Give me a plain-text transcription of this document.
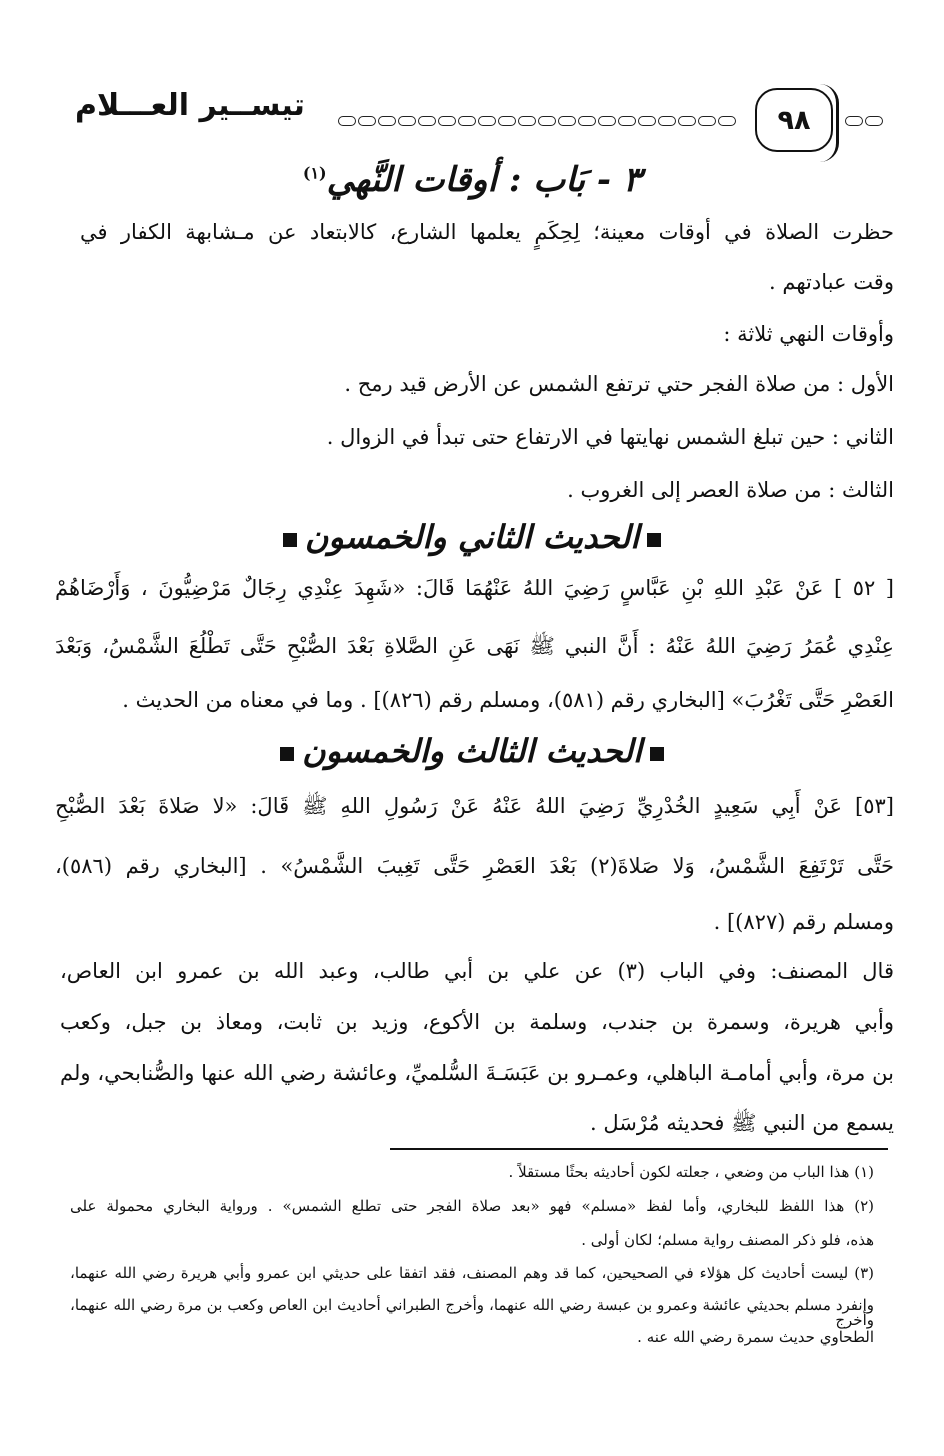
تيســير العـــلام	٩٨
٣ - بَاب : أوقات النَّهي$^{(١)}$
حظرت الصلاة في أوقات معينة؛ لِحِكَمٍ يعلمها الشارع، كالابتعاد عن مـشابهة الكفار في
وقت عبادتهم .
وأوقات النهي ثلاثة :
الأول : من صلاة الفجر حتي ترتفع الشمس عن الأرض قيد رمح .
الثاني : حين تبلغ الشمس نهايتها في الارتفاع حتى تبدأ في الزوال .
الثالث : من صلاة العصر إلى الغروب .
الحديث الثاني والخمسون
[ ٥٢ ] عَنْ عَبْدِ اللهِ بْنِ عَبَّاسٍ رَضِيَ اللهُ عَنْهُمَا قَالَ: «شَهِدَ عِنْدِي رِجَالٌ مَرْضِيُّونَ ، وَأَرْضَاهُمْ
عِنْدِي عُمَرُ رَضِيَ اللهُ عَنْهُ : أَنَّ النبي ﷺ نَهَى عَنِ الصَّلاةِ بَعْدَ الصُّبْحِ حَتَّى تَطْلُعَ الشَّمْسُ، وَبَعْدَ
العَصْرِ حَتَّى تَغْرُبَ» [البخاري رقم (٥٨١)، ومسلم رقم (٨٢٦)] . وما في معناه من الحديث .
الحديث الثالث والخمسون
[٥٣] عَنْ أَبِي سَعِيدٍ الخُدْرِيِّ رَضِيَ اللهُ عَنْهُ عَنْ رَسُولِ اللهِ ﷺ قَالَ: «لا صَلاةَ بَعْدَ الصُّبْحِ
حَتَّى تَرْتَفِعَ الشَّمْسُ، وَلا صَلاةَ(٢) بَعْدَ العَصْرِ حَتَّى تَغِيبَ الشَّمْسُ» . [البخاري رقم (٥٨٦)،
ومسلم رقم (٨٢٧)] .
قال المصنف: وفي الباب (٣) عن علي بن أبي طالب، وعبد الله بن عمرو ابن العاص،
وأبي هريرة، وسمرة بن جندب، وسلمة بن الأكوع، وزيد بن ثابت، ومعاذ بن جبل، وكعب
بن مرة، وأبي أمامـة الباهلي، وعمـرو بن عَبَسَـةَ السُّلميِّ، وعائشة رضي الله عنها والصُّنابحي، ولم
يسمع من النبي ﷺ فحديثه مُرْسَل .
(١) هذا الباب من وضعي ، جعلته لكون أحاديثه بحثًا مستقلاً .
(٢) هذا اللفظ للبخاري، وأما لفظ «مسلم» فهو «بعد صلاة الفجر حتى تطلع الشمس» . ورواية البخاري محمولة على
هذه، فلو ذكر المصنف رواية مسلم؛ لكان أولى .
(٣) ليست أحاديث كل هؤلاء في الصحيحين، كما قد وهم المصنف، فقد اتفقا على حديثي ابن عمرو وأبي هريرة رضي الله عنهما،
وانفرد مسلم بحديثي عائشة وعمرو بن عبسة رضي الله عنهما، وأخرج الطبراني أحاديث ابن العاص وكعب بن مرة رضي الله عنهما، وأخرج
الطحاوي حديث سمرة رضي الله عنه .
